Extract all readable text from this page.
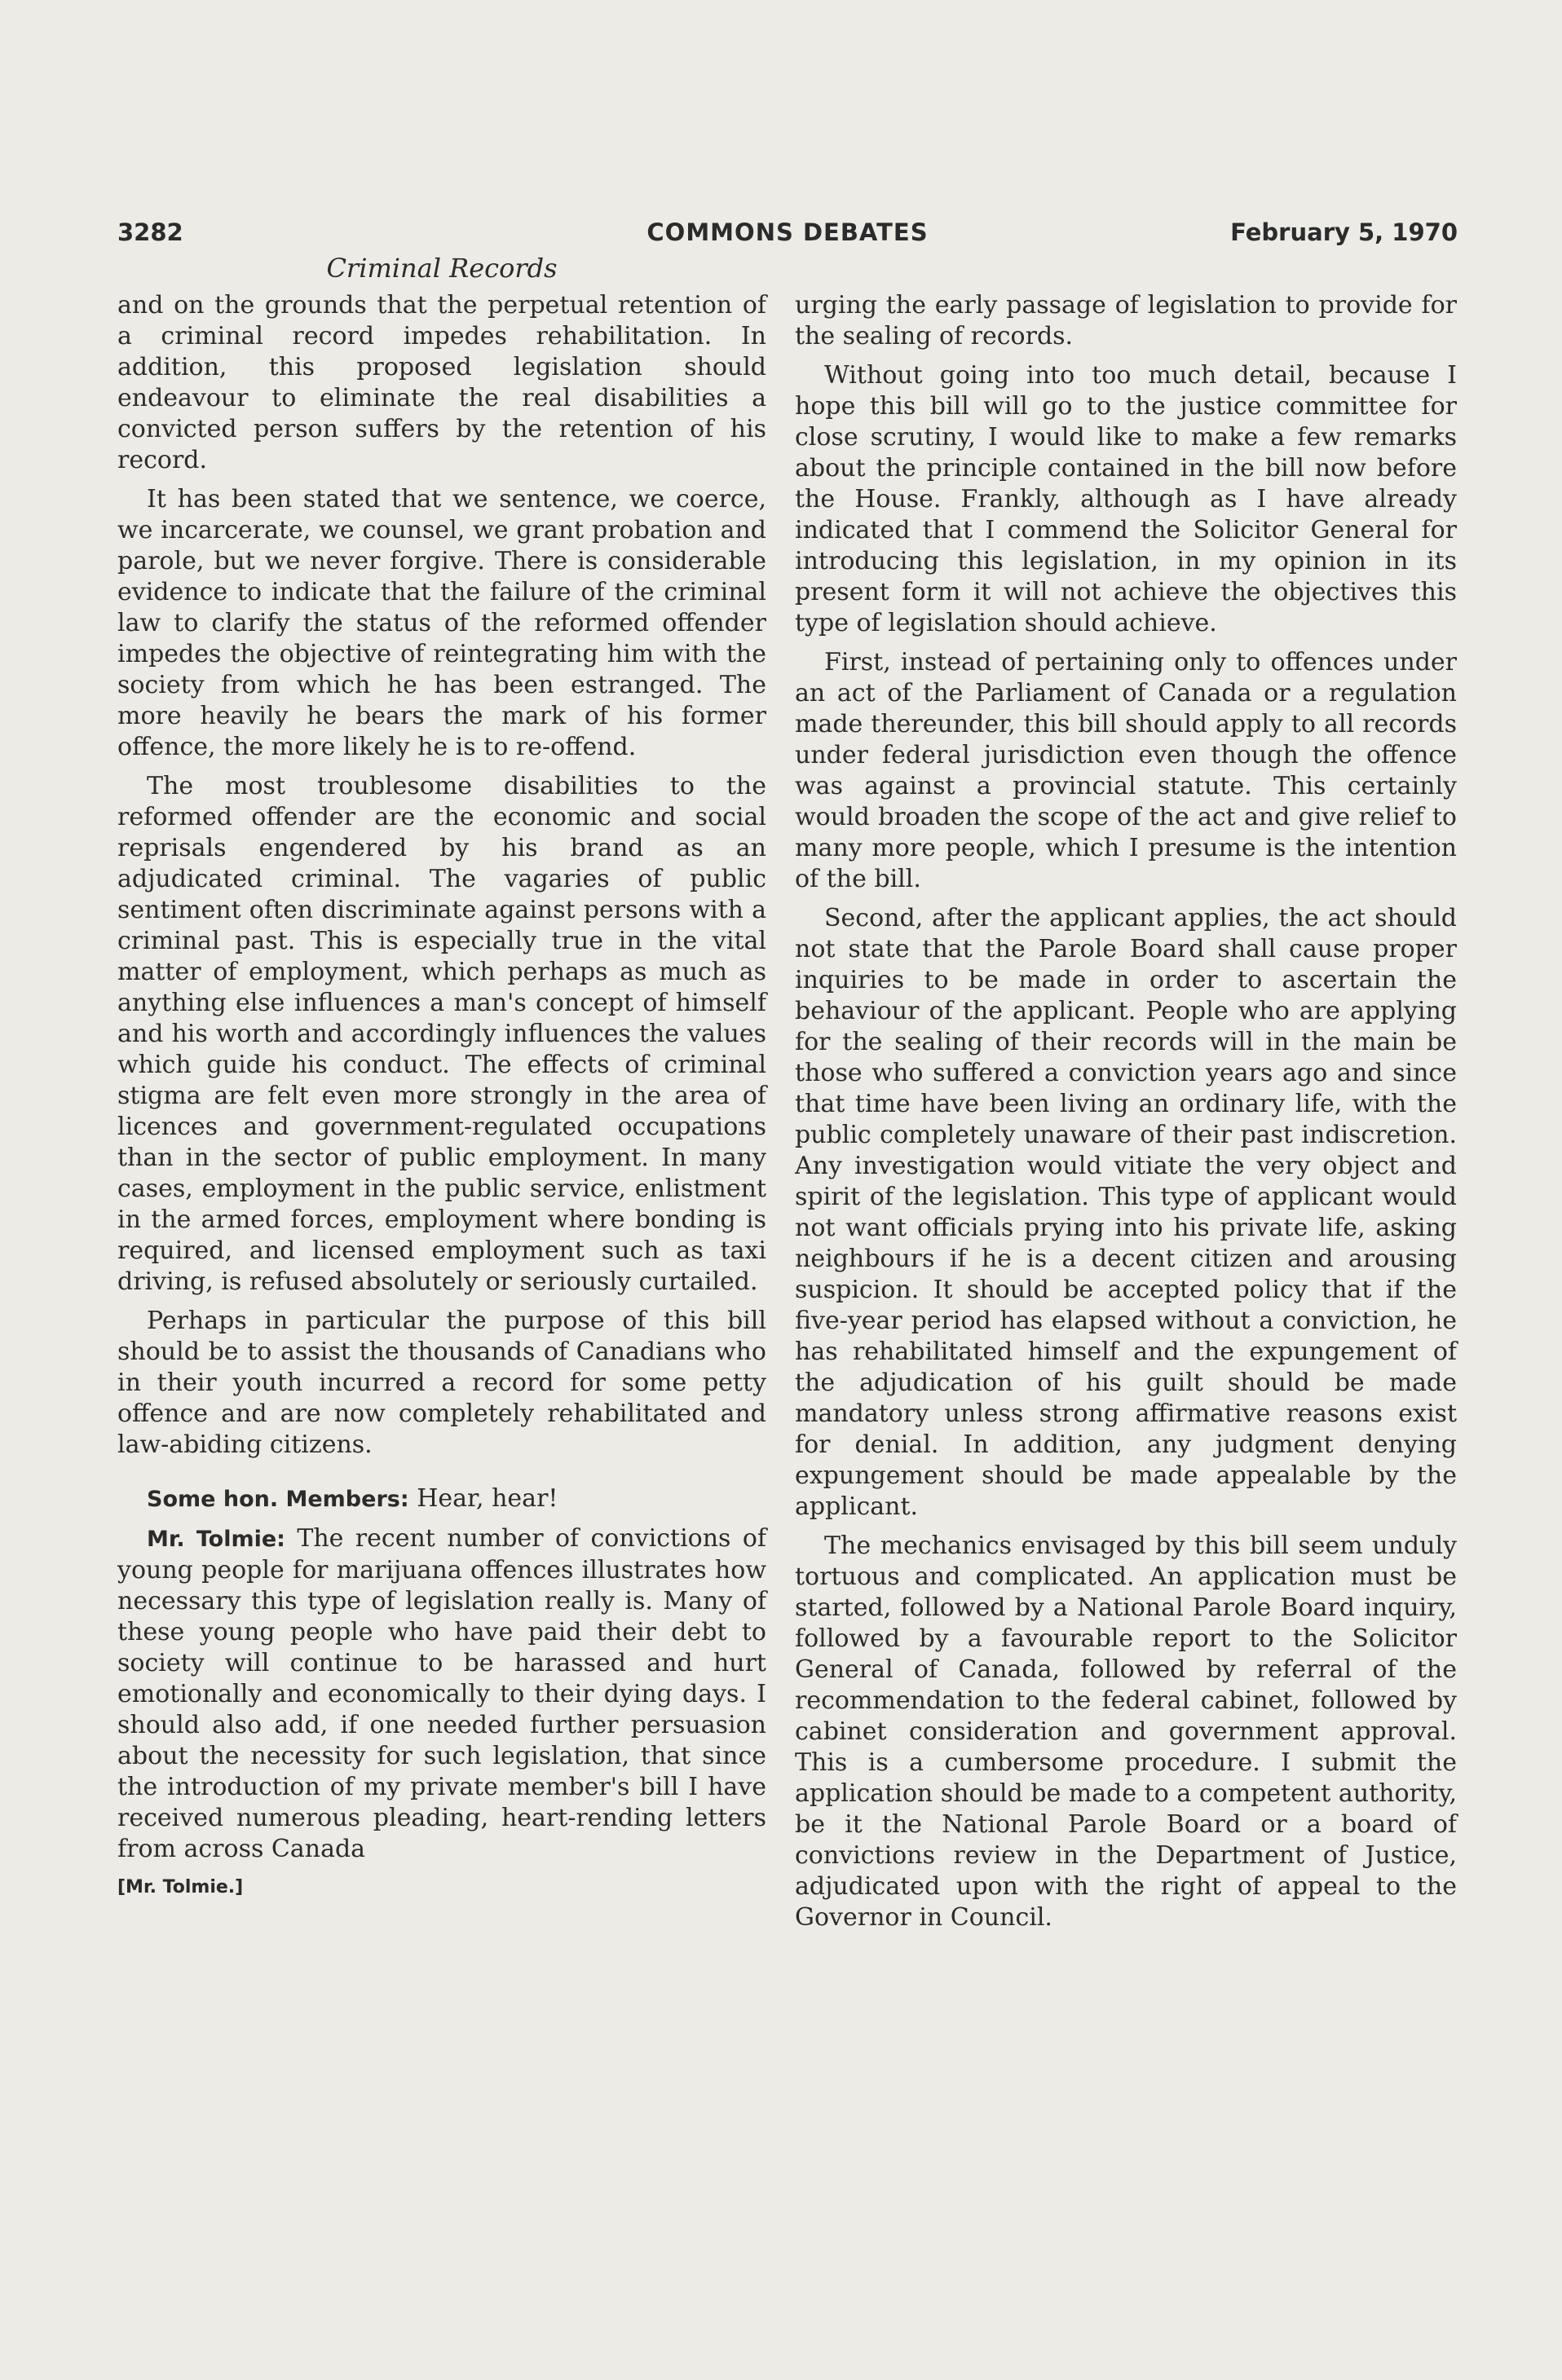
3282	COMMONS DEBATES	February 5, 1970
Criminal Records

and on the grounds that the perpetual retention of a criminal record impedes rehabilitation. In addition, this proposed legislation should endeavour to eliminate the real disabilities a convicted person suffers by the retention of his record.

It has been stated that we sentence, we coerce, we incarcerate, we counsel, we grant probation and parole, but we never forgive. There is considerable evidence to indicate that the failure of the criminal law to clarify the status of the reformed offender impedes the objective of reintegrating him with the society from which he has been estranged. The more heavily he bears the mark of his former offence, the more likely he is to re-offend.

The most troublesome disabilities to the reformed offender are the economic and social reprisals engendered by his brand as an adjudicated criminal. The vagaries of public sentiment often discriminate against persons with a criminal past. This is especially true in the vital matter of employment, which perhaps as much as anything else influences a man's concept of himself and his worth and accordingly influences the values which guide his conduct. The effects of criminal stigma are felt even more strongly in the area of licences and government-regulated occupations than in the sector of public employment. In many cases, employment in the public service, enlistment in the armed forces, employment where bonding is required, and licensed employment such as taxi driving, is refused absolutely or seriously curtailed.

Perhaps in particular the purpose of this bill should be to assist the thousands of Canadians who in their youth incurred a record for some petty offence and are now completely rehabilitated and law-abiding citizens.

Some hon. Members: Hear, hear!

Mr. Tolmie: The recent number of convictions of young people for marijuana offences illustrates how necessary this type of legislation really is. Many of these young people who have paid their debt to society will continue to be harassed and hurt emotionally and economically to their dying days. I should also add, if one needed further persuasion about the necessity for such legislation, that since the introduction of my private member's bill I have received numerous pleading, heart-rending letters from across Canada

[Mr. Tolmie.]

urging the early passage of legislation to provide for the sealing of records.

Without going into too much detail, because I hope this bill will go to the justice committee for close scrutiny, I would like to make a few remarks about the principle contained in the bill now before the House. Frankly, although as I have already indicated that I commend the Solicitor General for introducing this legislation, in my opinion in its present form it will not achieve the objectives this type of legislation should achieve.

First, instead of pertaining only to offences under an act of the Parliament of Canada or a regulation made thereunder, this bill should apply to all records under federal jurisdiction even though the offence was against a provincial statute. This certainly would broaden the scope of the act and give relief to many more people, which I presume is the intention of the bill.

Second, after the applicant applies, the act should not state that the Parole Board shall cause proper inquiries to be made in order to ascertain the behaviour of the applicant. People who are applying for the sealing of their records will in the main be those who suffered a conviction years ago and since that time have been living an ordinary life, with the public completely unaware of their past indiscretion. Any investigation would vitiate the very object and spirit of the legislation. This type of applicant would not want officials prying into his private life, asking neighbours if he is a decent citizen and arousing suspicion. It should be accepted policy that if the five-year period has elapsed without a conviction, he has rehabilitated himself and the expungement of the adjudication of his guilt should be made mandatory unless strong affirmative reasons exist for denial. In addition, any judgment denying expungement should be made appealable by the applicant.

The mechanics envisaged by this bill seem unduly tortuous and complicated. An application must be started, followed by a National Parole Board inquiry, followed by a favourable report to the Solicitor General of Canada, followed by referral of the recommendation to the federal cabinet, followed by cabinet consideration and government approval. This is a cumbersome procedure. I submit the application should be made to a competent authority, be it the National Parole Board or a board of convictions review in the Department of Justice, adjudicated upon with the right of appeal to the Governor in Council.
